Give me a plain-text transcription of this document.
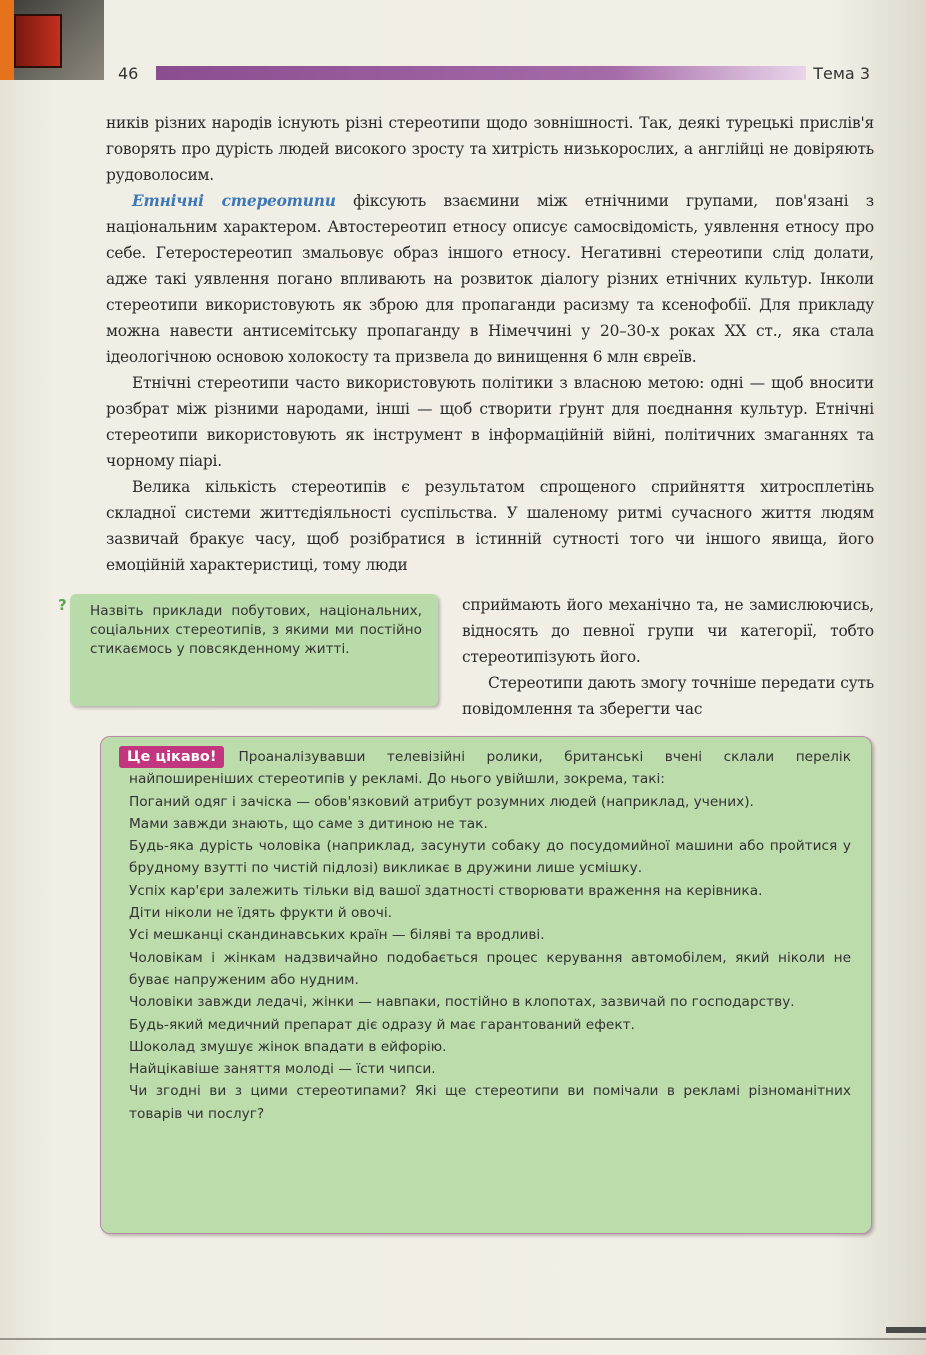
46	Тема 3

ників різних народів існують різні стереотипи щодо зовнішності. Так, деякі турецькі прислів'я говорять про дурість людей високого зросту та хитрість низькорослих, а англійці не довіряють рудоволосим.

Етнічні стереотипи фіксують взаємини між етнічними групами, пов'язані з національним характером. Автостереотип етносу описує самосвідомість, уявлення етносу про себе. Гетеростереотип змальовує образ іншого етносу. Негативні стереотипи слід долати, адже такі уявлення погано впливають на розвиток діалогу різних етнічних культур. Інколи стереотипи використовують як зброю для пропаганди расизму та ксенофобії. Для прикладу можна навести антисемітську пропаганду в Німеччині у 20–30-х роках XX ст., яка стала ідеологічною основою холокосту та призвела до винищення 6 млн євреїв.

Етнічні стереотипи часто використовують політики з власною метою: одні — щоб вносити розбрат між різними народами, інші — щоб створити ґрунт для поєднання культур. Етнічні стереотипи використовують як інструмент в інформаційній війні, політичних змаганнях та чорному піарі.

Велика кількість стереотипів є результатом спрощеного сприйняття хитросплетінь складної системи життєдіяльності суспільства. У шаленому ритмі сучасного життя людям зазвичай бракує часу, щоб розібратися в істинній сутності того чи іншого явища, його емоційній характеристиці, тому люди

сприймають його механічно та, не замислюючись, відносять до певної групи чи категорії, тобто стереотипізують його.

Стереотипи дають змогу точніше передати суть повідомлення та зберегти час

?	Назвіть приклади побутових, національних, соціальних стереотипів, з якими ми постійно стикаємось у повсякденному житті.

Це цікаво! Проаналізувавши телевізійні ролики, британські вчені склали перелік найпоширеніших стереотипів у рекламі. До нього увійшли, зокрема, такі:

Поганий одяг і зачіска — обов'язковий атрибут розумних людей (наприклад, учених).

Мами завжди знають, що саме з дитиною не так.

Будь-яка дурість чоловіка (наприклад, засунути собаку до посудомийної машини або пройтися у брудному взутті по чистій підлозі) викликає в дружини лише усмішку.

Успіх кар'єри залежить тільки від вашої здатності створювати враження на керівника.

Діти ніколи не їдять фрукти й овочі.

Усі мешканці скандинавських країн — біляві та вродливі.

Чоловікам і жінкам надзвичайно подобається процес керування автомобілем, який ніколи не буває напруженим або нудним.

Чоловіки завжди ледачі, жінки — навпаки, постійно в клопотах, зазвичай по господарству.

Будь-який медичний препарат діє одразу й має гарантований ефект.

Шоколад змушує жінок впадати в ейфорію.

Найцікавіше заняття молоді — їсти чипси.

Чи згодні ви з цими стереотипами? Які ще стереотипи ви помічали в рекламі різноманітних товарів чи послуг?
